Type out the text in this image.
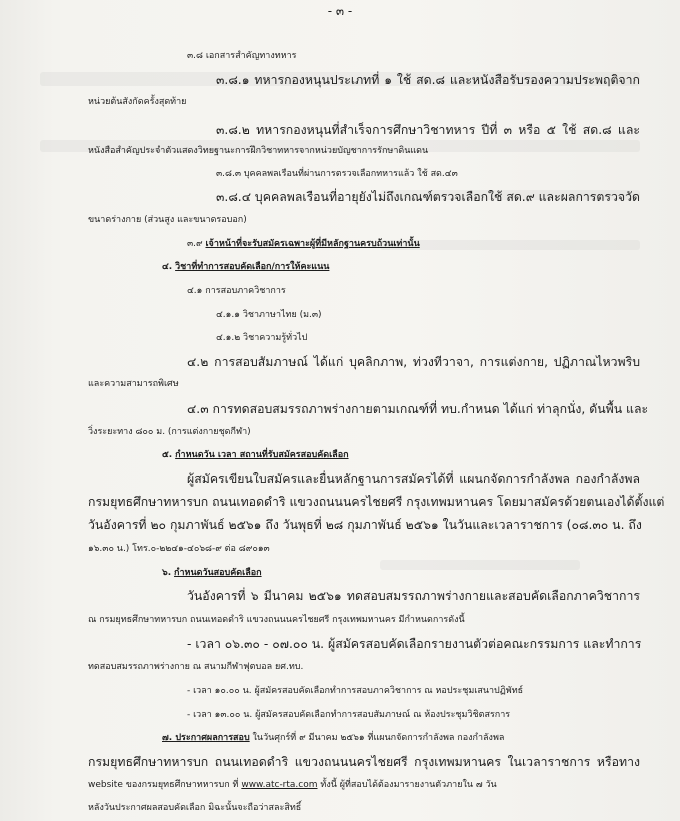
- ๓ -
๓.๘ เอกสารสำคัญทางทหาร
๓.๘.๑ ทหารกองหนุนประเภทที่ ๑ ใช้ สด.๘ และหนังสือรับรองความประพฤติจาก
หน่วยต้นสังกัดครั้งสุดท้าย
๓.๘.๒ ทหารกองหนุนที่สำเร็จการศึกษาวิชาทหาร ปีที่ ๓ หรือ ๕ ใช้ สด.๘ และ
หนังสือสำคัญประจำตัวแสดงวิทยฐานะการฝึกวิชาทหารจากหน่วยบัญชาการรักษาดินแดน
๓.๘.๓ บุคคลพลเรือนที่ผ่านการตรวจเลือกทหารแล้ว ใช้ สด.๔๓
๓.๘.๔ บุคคลพลเรือนที่อายุยังไม่ถึงเกณฑ์ตรวจเลือกใช้ สด.๙ และผลการตรวจวัด
ขนาดร่างกาย (ส่วนสูง และขนาดรอบอก)
๓.๙ เจ้าหน้าที่จะรับสมัครเฉพาะผู้ที่มีหลักฐานครบถ้วนเท่านั้น
๔. วิชาที่ทำการสอบคัดเลือก/การให้คะแนน
๔.๑ การสอบภาควิชาการ
๔.๑.๑ วิชาภาษาไทย (ม.๓)
๔.๑.๒ วิชาความรู้ทั่วไป
๔.๒ การสอบสัมภาษณ์ ได้แก่ บุคลิกภาพ, ท่วงทีวาจา, การแต่งกาย, ปฏิภาณไหวพริบ
และความสามารถพิเศษ
๔.๓ การทดสอบสมรรถภาพร่างกายตามเกณฑ์ที่ ทบ.กำหนด ได้แก่ ท่าลุกนั่ง, ดันพื้น และ
วิ่งระยะทาง ๘๐๐ ม. (การแต่งกายชุดกีฬา)
๕. กำหนดวัน เวลา สถานที่รับสมัครสอบคัดเลือก
ผู้สมัครเขียนใบสมัครและยื่นหลักฐานการสมัครได้ที่ แผนกจัดการกำลังพล กองกำลังพล
กรมยุทธศึกษาทหารบก ถนนเทอดดำริ แขวงถนนนครไชยศรี กรุงเทพมหานคร โดยมาสมัครด้วยตนเองได้ตั้งแต่
วันอังคารที่ ๒๐ กุมภาพันธ์ ๒๕๖๑ ถึง วันพุธที่ ๒๘ กุมภาพันธ์ ๒๕๖๑ ในวันและเวลาราชการ (๐๘.๓๐ น. ถึง
๑๖.๓๐ น.) โทร.๐-๒๒๔๑-๔๐๖๘-๙ ต่อ ๘๙๐๑๓
๖. กำหนดวันสอบคัดเลือก
วันอังคารที่ ๖ มีนาคม ๒๕๖๑ ทดสอบสมรรถภาพร่างกายและสอบคัดเลือกภาควิชาการ
ณ กรมยุทธศึกษาทหารบก ถนนเทอดดำริ แขวงถนนนครไชยศรี กรุงเทพมหานคร มีกำหนดการดังนี้
- เวลา ๐๖.๓๐ - ๐๗.๐๐ น. ผู้สมัครสอบคัดเลือกรายงานตัวต่อคณะกรรมการ และทำการ
ทดสอบสมรรถภาพร่างกาย ณ สนามกีฬาฟุตบอล ยศ.ทบ.
- เวลา ๑๐.๐๐ น. ผู้สมัครสอบคัดเลือกทำการสอบภาควิชาการ ณ หอประชุมเสนาปฏิพัทธ์
- เวลา ๑๓.๐๐ น. ผู้สมัครสอบคัดเลือกทำการสอบสัมภาษณ์ ณ ห้องประชุมวิชิตสรการ
๗. ประกาศผลการสอบ ในวันศุกร์ที่ ๙ มีนาคม ๒๕๖๑ ที่แผนกจัดการกำลังพล กองกำลังพล
กรมยุทธศึกษาทหารบก ถนนเทอดดำริ แขวงถนนนครไชยศรี กรุงเทพมหานคร ในเวลาราชการ หรือทาง
website ของกรมยุทธศึกษาทหารบก ที่ www.atc-rta.com ทั้งนี้ ผู้ที่สอบได้ต้องมารายงานตัวภายใน ๗ วัน
หลังวันประกาศผลสอบคัดเลือก มิฉะนั้นจะถือว่าสละสิทธิ์
